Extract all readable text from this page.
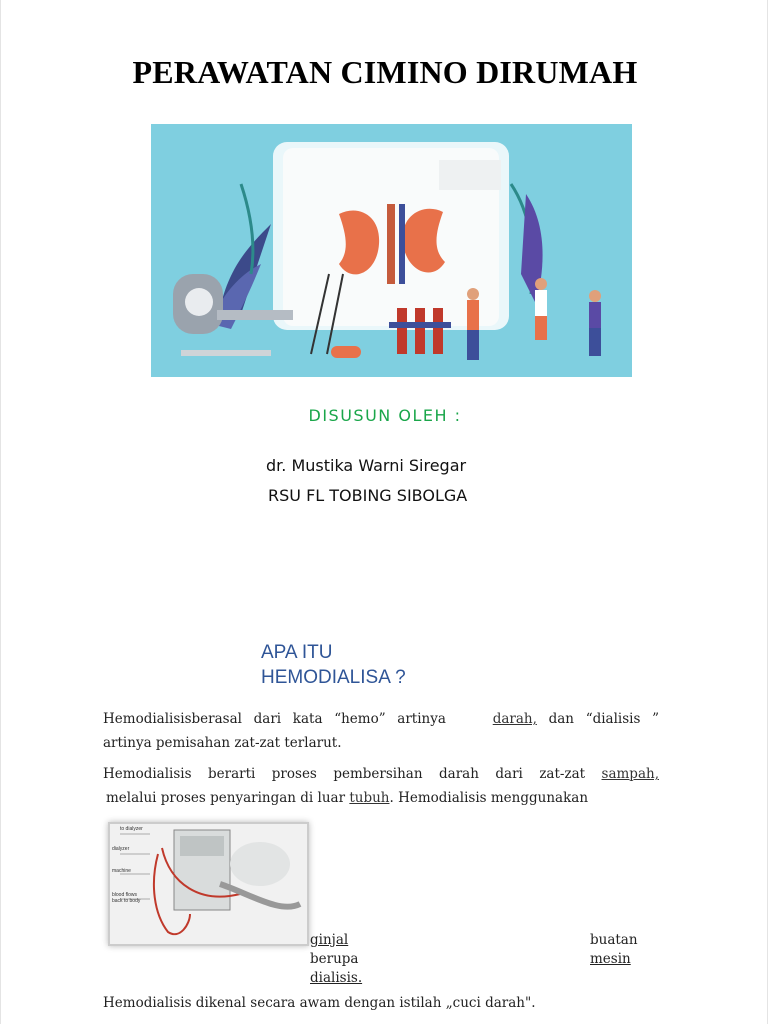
PERAWATAN CIMINO DIRUMAH
DISUSUN OLEH :
dr. Mustika Warni Siregar
RSU FL TOBING SIBOLGA
APA ITU
HEMODIALISA ?
Hemodialisisberasal dari kata “hemo” artinya	darah, dan “dialisis ”
artinya pemisahan zat-zat terlarut.
Hemodialisis berarti proses pembersihan darah dari zat-zat sampah,
melalui proses penyaringan di luar tubuh. Hemodialisis menggunakan
to dialyzer
dialyzer
machine
blood flows back to body
ginjal	buatan
berupa	mesin
dialisis.
Hemodialisis dikenal secara awam dengan istilah „cuci darah".
